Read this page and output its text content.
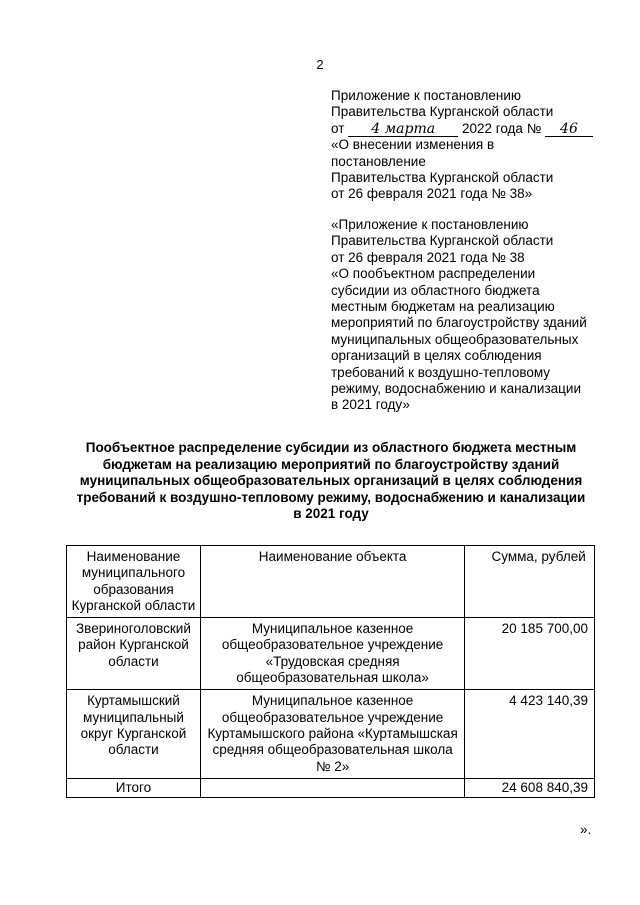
2
Приложение к постановлению
Правительства Курганской области
от 4 марта 2022 года № 46
«О внесении изменения в
постановление
Правительства Курганской области
от 26 февраля 2021 года № 38»
«Приложение к постановлению
Правительства Курганской области
от 26 февраля 2021 года № 38
«О пообъектном распределении
субсидии из областного бюджета
местным бюджетам на реализацию
мероприятий по благоустройству зданий
муниципальных общеобразовательных
организаций в целях соблюдения
требований к воздушно-тепловому
режиму, водоснабжению и канализации
в 2021 году»
Пообъектное распределение субсидии из областного бюджета местным
бюджетам на реализацию мероприятий по благоустройству зданий
муниципальных общеобразовательных организаций в целях соблюдения
требований к воздушно-тепловому режиму, водоснабжению и канализации
в 2021 году
Наименование муниципального образования Курганской области	Наименование объекта	Сумма, рублей
Звериноголовский район Курганской области	Муниципальное казенное общеобразовательное учреждение «Трудовская средняя общеобразовательная школа»	20 185 700,00
Куртамышский муниципальный округ Курганской области	Муниципальное казенное общеобразовательное учреждение Куртамышского района «Куртамышская средняя общеобразовательная школа № 2»	4 423 140,39
Итого		24 608 840,39
».
